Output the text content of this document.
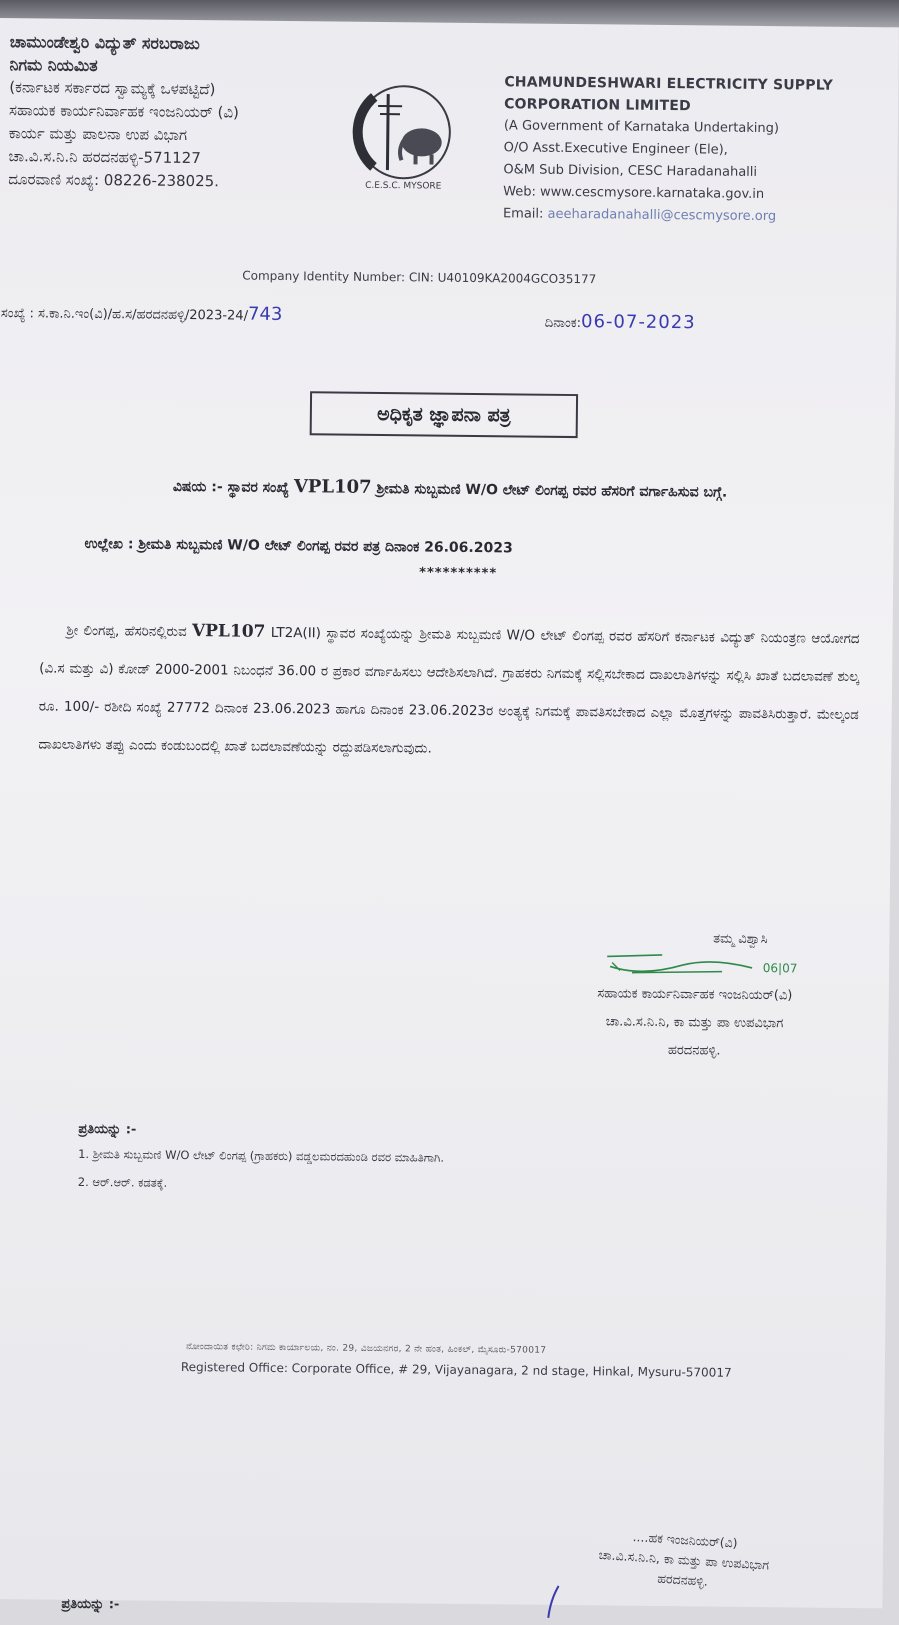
ಚಾಮುಂಡೇಶ್ವರಿ ವಿದ್ಯುತ್ ಸರಬರಾಜು
ನಿಗಮ ನಿಯಮಿತ
(ಕರ್ನಾಟಕ ಸರ್ಕಾರದ ಸ್ವಾಮ್ಯಕ್ಕೆ ಒಳಪಟ್ಟಿದೆ)
ಸಹಾಯಕ ಕಾರ್ಯನಿರ್ವಾಹಕ ಇಂಜನಿಯರ್ (ವಿ)
ಕಾರ್ಯ ಮತ್ತು ಪಾಲನಾ ಉಪ ವಿಭಾಗ
ಚಾ.ವಿ.ಸ.ನಿ.ನಿ ಹರದನಹಳ್ಳಿ-571127
ದೂರವಾಣಿ ಸಂಖ್ಯೆ: 08226-238025.	C.E.S.C. MYSORE
CHAMUNDESHWARI ELECTRICITY SUPPLY
CORPORATION LIMITED
(A Government of Karnataka Undertaking)
O/O Asst.Executive Engineer (Ele),
O&M Sub Division, CESC Haradanahalli
Web: www.cescmysore.karnataka.gov.in
Email: aeeharadanahalli@cescmysore.org
Company Identity Number: CIN: U40109KA2004GCO35177
ಸಂಖ್ಯೆ : ಸ.ಕಾ.ನಿ.ಇಂ(ವಿ)/ಹ.ಸ/ಹರದನಹಳ್ಳಿ/2023-24/743	ದಿನಾಂಕ:06-07-2023
ಅಧಿಕೃತ ಜ್ಞಾಪನಾ ಪತ್ರ
ವಿಷಯ :- ಸ್ಥಾವರ ಸಂಖ್ಯೆ VPL107 ಶ್ರೀಮತಿ ಸುಬ್ಬಮಣಿ W/O ಲೇಟ್ ಲಿಂಗಪ್ಪ ರವರ ಹೆಸರಿಗೆ ವರ್ಗಾಹಿಸುವ ಬಗ್ಗೆ.
ಉಲ್ಲೇಖ : ಶ್ರೀಮತಿ ಸುಬ್ಬಮಣಿ W/O ಲೇಟ್ ಲಿಂಗಪ್ಪ ರವರ ಪತ್ರ ದಿನಾಂಕ 26.06.2023
**********
ಶ್ರೀ ಲಿಂಗಪ್ಪ, ಹೆಸರಿನಲ್ಲಿರುವ VPL107 LT2A(II) ಸ್ಥಾವರ ಸಂಖ್ಯೆಯನ್ನು ಶ್ರೀಮತಿ ಸುಬ್ಬಮಣಿ W/O ಲೇಟ್ ಲಿಂಗಪ್ಪ ರವರ ಹೆಸರಿಗೆ ಕರ್ನಾಟಕ ವಿದ್ಯುತ್ ನಿಯಂತ್ರಣ ಆಯೋಗದ (ವಿ.ಸ ಮತ್ತು ವಿ) ಕೋಡ್ 2000-2001 ನಿಬಂಧನೆ 36.00 ರ ಪ್ರಕಾರ ವರ್ಗಾಹಿಸಲು ಆದೇಶಿಸಲಾಗಿದೆ. ಗ್ರಾಹಕರು ನಿಗಮಕ್ಕೆ ಸಲ್ಲಿಸಬೇಕಾದ ದಾಖಲಾತಿಗಳನ್ನು ಸಲ್ಲಿಸಿ ಖಾತೆ ಬದಲಾವಣೆ ಶುಲ್ಕ ರೂ. 100/- ರಶೀದಿ ಸಂಖ್ಯೆ 27772 ದಿನಾಂಕ 23.06.2023 ಹಾಗೂ ದಿನಾಂಕ 23.06.2023ರ ಅಂತ್ಯಕ್ಕೆ ನಿಗಮಕ್ಕೆ ಪಾವತಿಸಬೇಕಾದ ಎಲ್ಲಾ ಮೊತ್ತಗಳನ್ನು ಪಾವತಿಸಿರುತ್ತಾರೆ. ಮೇಲ್ಕಂಡ ದಾಖಲಾತಿಗಳು ತಪ್ಪು ಎಂದು ಕಂಡುಬಂದಲ್ಲಿ ಖಾತೆ ಬದಲಾವಣೆಯನ್ನು ರದ್ದುಪಡಿಸಲಾಗುವುದು.
ತಮ್ಮ ವಿಶ್ವಾಸಿ
06|07
ಸಹಾಯಕ ಕಾರ್ಯನಿರ್ವಾಹಕ ಇಂಜನಿಯರ್(ವಿ)
ಚಾ.ವಿ.ಸ.ನಿ.ನಿ, ಕಾ ಮತ್ತು ಪಾ ಉಪವಿಭಾಗ
ಹರದನಹಳ್ಳಿ.
ಪ್ರತಿಯನ್ನು :-
1. ಶ್ರೀಮತಿ ಸುಬ್ಬಮಣಿ W/O ಲೇಟ್ ಲಿಂಗಪ್ಪ (ಗ್ರಾಹಕರು) ವಡ್ಡಲಮರದಹುಂಡಿ ರವರ ಮಾಹಿತಿಗಾಗಿ.
2. ಆರ್.ಆರ್. ಕಡತಕ್ಕೆ.
ನೋಂದಾಯಿತ ಕಛೇರಿ: ನಿಗಮ ಕಾರ್ಯಾಲಯ, ನಂ. 29, ವಿಜಯನಗರ, 2 ನೇ ಹಂತ, ಹಿಂಕಲ್, ಮೈಸೂರು-570017
Registered Office: Corporate Office, # 29, Vijayanagara, 2 nd stage, Hinkal, Mysuru-570017
....ಹಕ ಇಂಜನಿಯರ್(ವಿ)
ಚಾ.ವಿ.ಸ.ನಿ.ನಿ, ಕಾ ಮತ್ತು ಪಾ ಉಪವಿಭಾಗ
ಹರದನಹಳ್ಳಿ.
ಪ್ರತಿಯನ್ನು :-
